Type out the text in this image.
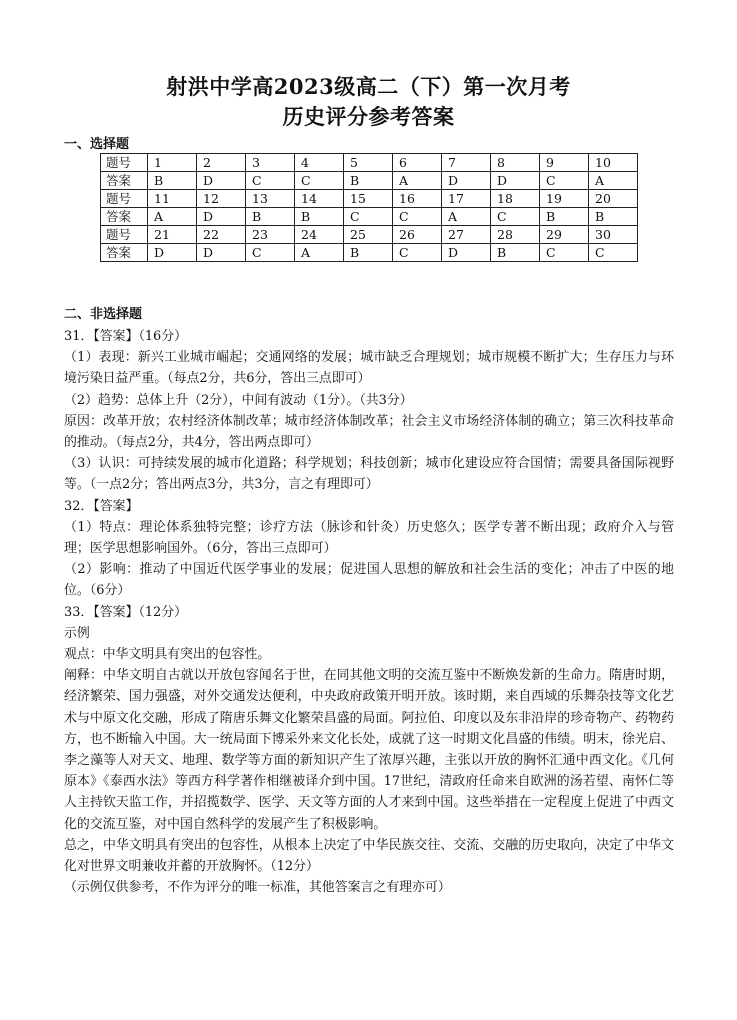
射洪中学高2023级高二（下）第一次月考
历史评分参考答案
一、选择题
题号	1	2	3	4	5	6	7	8	9	10
答案	B	D	C	C	B	A	D	D	C	A
题号	11	12	13	14	15	16	17	18	19	20
答案	A	D	B	B	C	C	A	C	B	B
题号	21	22	23	24	25	26	27	28	29	30
答案	D	D	C	A	B	C	D	B	C	C
二、非选择题

31．【答案】（16分）

（1）表现：新兴工业城市崛起；交通网络的发展；城市缺乏合理规划；城市规模不断扩大；生存压力与环境污染日益严重。（每点2分，共6分，答出三点即可）

（2）趋势：总体上升（2分），中间有波动（1分）。（共3分）

原因：改革开放；农村经济体制改革；城市经济体制改革；社会主义市场经济体制的确立；第三次科技革命的推动。（每点2分，共4分，答出两点即可）

（3）认识：可持续发展的城市化道路；科学规划；科技创新；城市化建设应符合国情；需要具备国际视野等。（一点2分；答出两点3分，共3分，言之有理即可）

32．【答案】

（1）特点：理论体系独特完整；诊疗方法（脉诊和针灸）历史悠久；医学专著不断出现；政府介入与管理；医学思想影响国外。（6分，答出三点即可）

（2）影响：推动了中国近代医学事业的发展；促进国人思想的解放和社会生活的变化；冲击了中医的地位。（6分）

33．【答案】（12分）

示例

观点：中华文明具有突出的包容性。

阐释：中华文明自古就以开放包容闻名于世，在同其他文明的交流互鉴中不断焕发新的生命力。隋唐时期，经济繁荣、国力强盛，对外交通发达便利，中央政府政策开明开放。该时期，来自西域的乐舞杂技等文化艺术与中原文化交融，形成了隋唐乐舞文化繁荣昌盛的局面。阿拉伯、印度以及东非沿岸的珍奇物产、药物药方，也不断输入中国。大一统局面下博采外来文化长处，成就了这一时期文化昌盛的伟绩。明末，徐光启、李之藻等人对天文、地理、数学等方面的新知识产生了浓厚兴趣，主张以开放的胸怀汇通中西文化。《几何原本》《泰西水法》等西方科学著作相继被译介到中国。17世纪，清政府任命来自欧洲的汤若望、南怀仁等人主持钦天监工作，并招揽数学、医学、天文等方面的人才来到中国。这些举措在一定程度上促进了中西文化的交流互鉴，对中国自然科学的发展产生了积极影响。

总之，中华文明具有突出的包容性，从根本上决定了中华民族交往、交流、交融的历史取向，决定了中华文化对世界文明兼收并蓄的开放胸怀。（12分）

（示例仅供参考，不作为评分的唯一标准，其他答案言之有理亦可）
